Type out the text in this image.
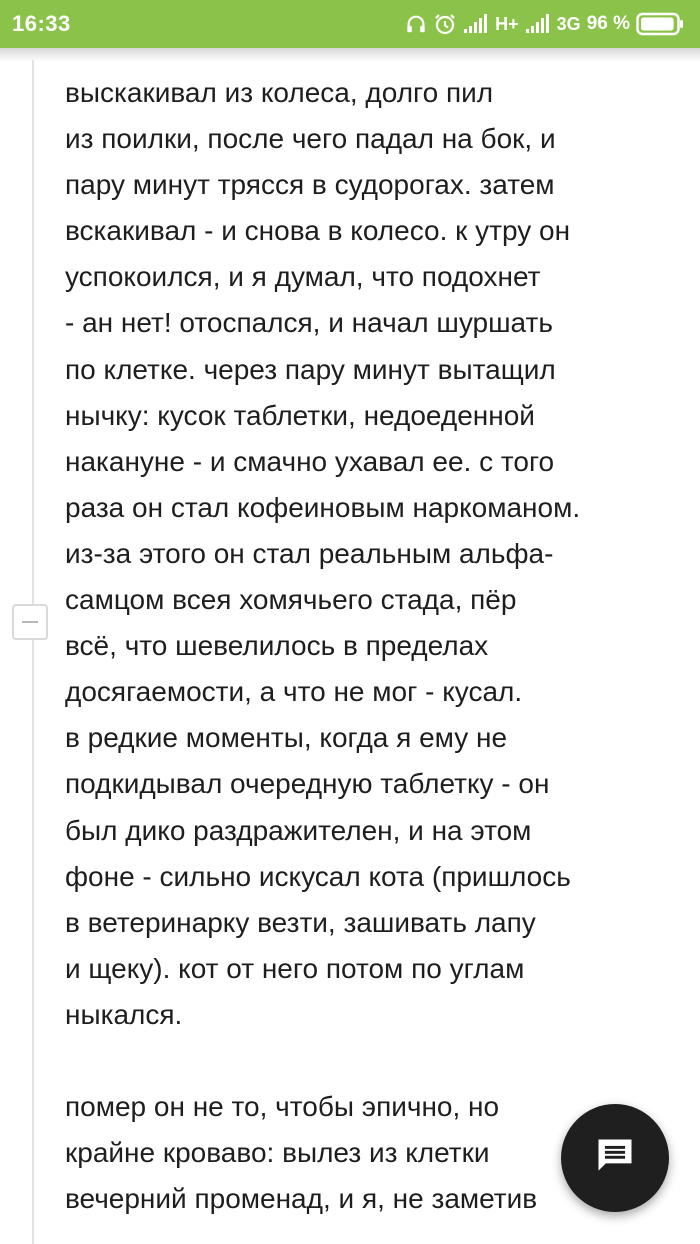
16:33	H+ 3G 96 %

выскакивал из колеса, долго пил
из поилки, после чего падал на бок, и
пару минут трясся в судорогах. затем
вскакивал - и снова в колесо. к утру он
успокоился, и я думал, что подохнет
- ан нет! отоспался, и начал шуршать
по клетке. через пару минут вытащил
нычку: кусок таблетки, недоеденной
накануне - и смачно ухавал ее. с того
раза он стал кофеиновым наркоманом.
из-за этого он стал реальным альфа-
самцом всея хомячьего стада, пёр
всё, что шевелилось в пределах
досягаемости, а что не мог - кусал.
в редкие моменты, когда я ему не
подкидывал очередную таблетку - он
был дико раздражителен, и на этом
фоне - сильно искусал кота (пришлось
в ветеринарку везти, зашивать лапу
и щеку). кот от него потом по углам
ныкался.

помер он не то, чтобы эпично, но
крайне кроваво: вылез из клетки
вечерний променад, и я, не заметив
